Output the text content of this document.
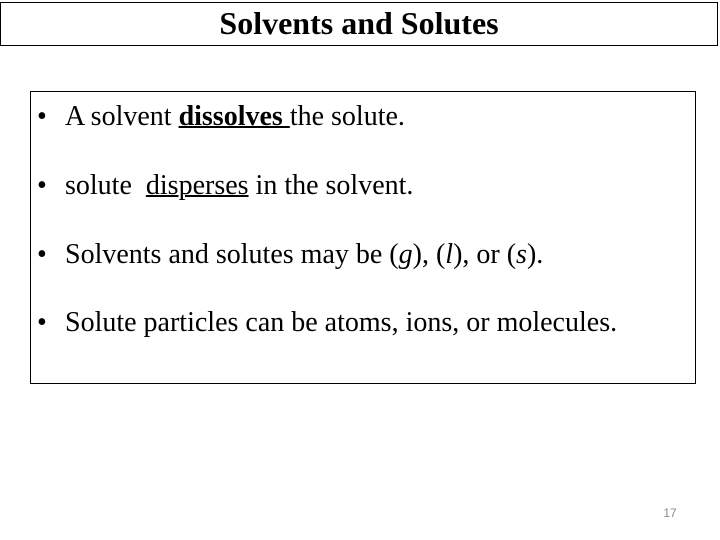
Solvents and Solutes
• A solvent dissolves the solute.
• solute  disperses in the solvent.
• Solvents and solutes may be (g), (l), or (s).
• Solute particles can be atoms, ions, or molecules.
17
